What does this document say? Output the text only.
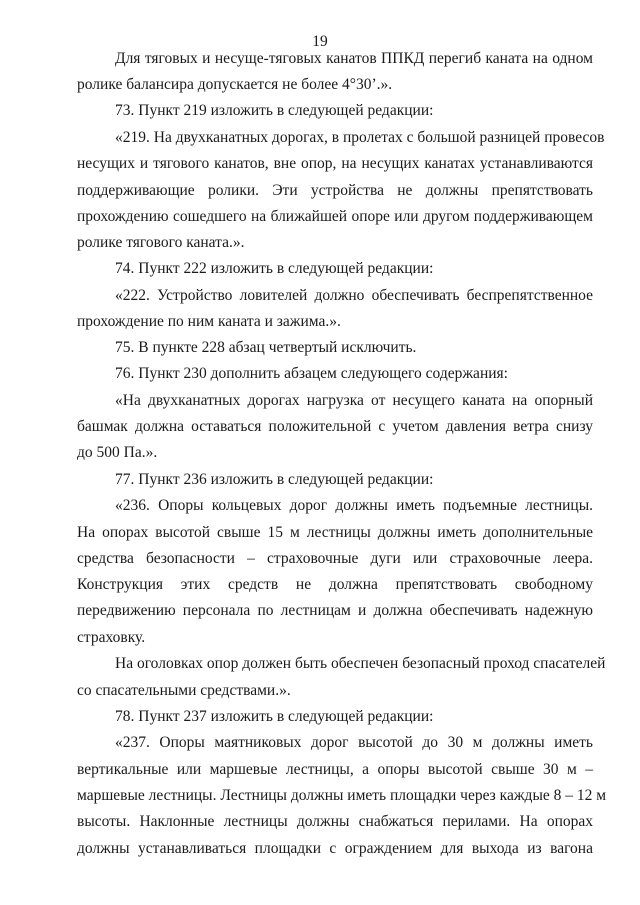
19
Для тяговых и несуще-тяговых канатов ППКД перегиб каната на одном
ролике балансира допускается не более 4°30’.».
73. Пункт 219 изложить в следующей редакции:
«219. На двухканатных дорогах, в пролетах с большой разницей провесов
несущих и тягового канатов, вне опор, на несущих канатах устанавливаются
поддерживающие ролики. Эти устройства не должны препятствовать
прохождению сошедшего на ближайшей опоре или другом поддерживающем
ролике тягового каната.».
74. Пункт 222 изложить в следующей редакции:
«222. Устройство ловителей должно обеспечивать беспрепятственное
прохождение по ним каната и зажима.».
75. В пункте 228 абзац четвертый исключить.
76. Пункт 230 дополнить абзацем следующего содержания:
«На двухканатных дорогах нагрузка от несущего каната на опорный
башмак должна оставаться положительной с учетом давления ветра снизу
до 500 Па.».
77. Пункт 236 изложить в следующей редакции:
«236. Опоры кольцевых дорог должны иметь подъемные лестницы.
На опорах высотой свыше 15 м лестницы должны иметь дополнительные
средства безопасности – страховочные дуги или страховочные леера.
Конструкция этих средств не должна препятствовать свободному
передвижению персонала по лестницам и должна обеспечивать надежную
страховку.
На оголовках опор должен быть обеспечен безопасный проход спасателей
со спасательными средствами.».
78. Пункт 237 изложить в следующей редакции:
«237. Опоры маятниковых дорог высотой до 30 м должны иметь
вертикальные или маршевые лестницы, а опоры высотой свыше 30 м –
маршевые лестницы. Лестницы должны иметь площадки через каждые 8 – 12 м
высоты. Наклонные лестницы должны снабжаться перилами. На опорах
должны устанавливаться площадки с ограждением для выхода из вагона
